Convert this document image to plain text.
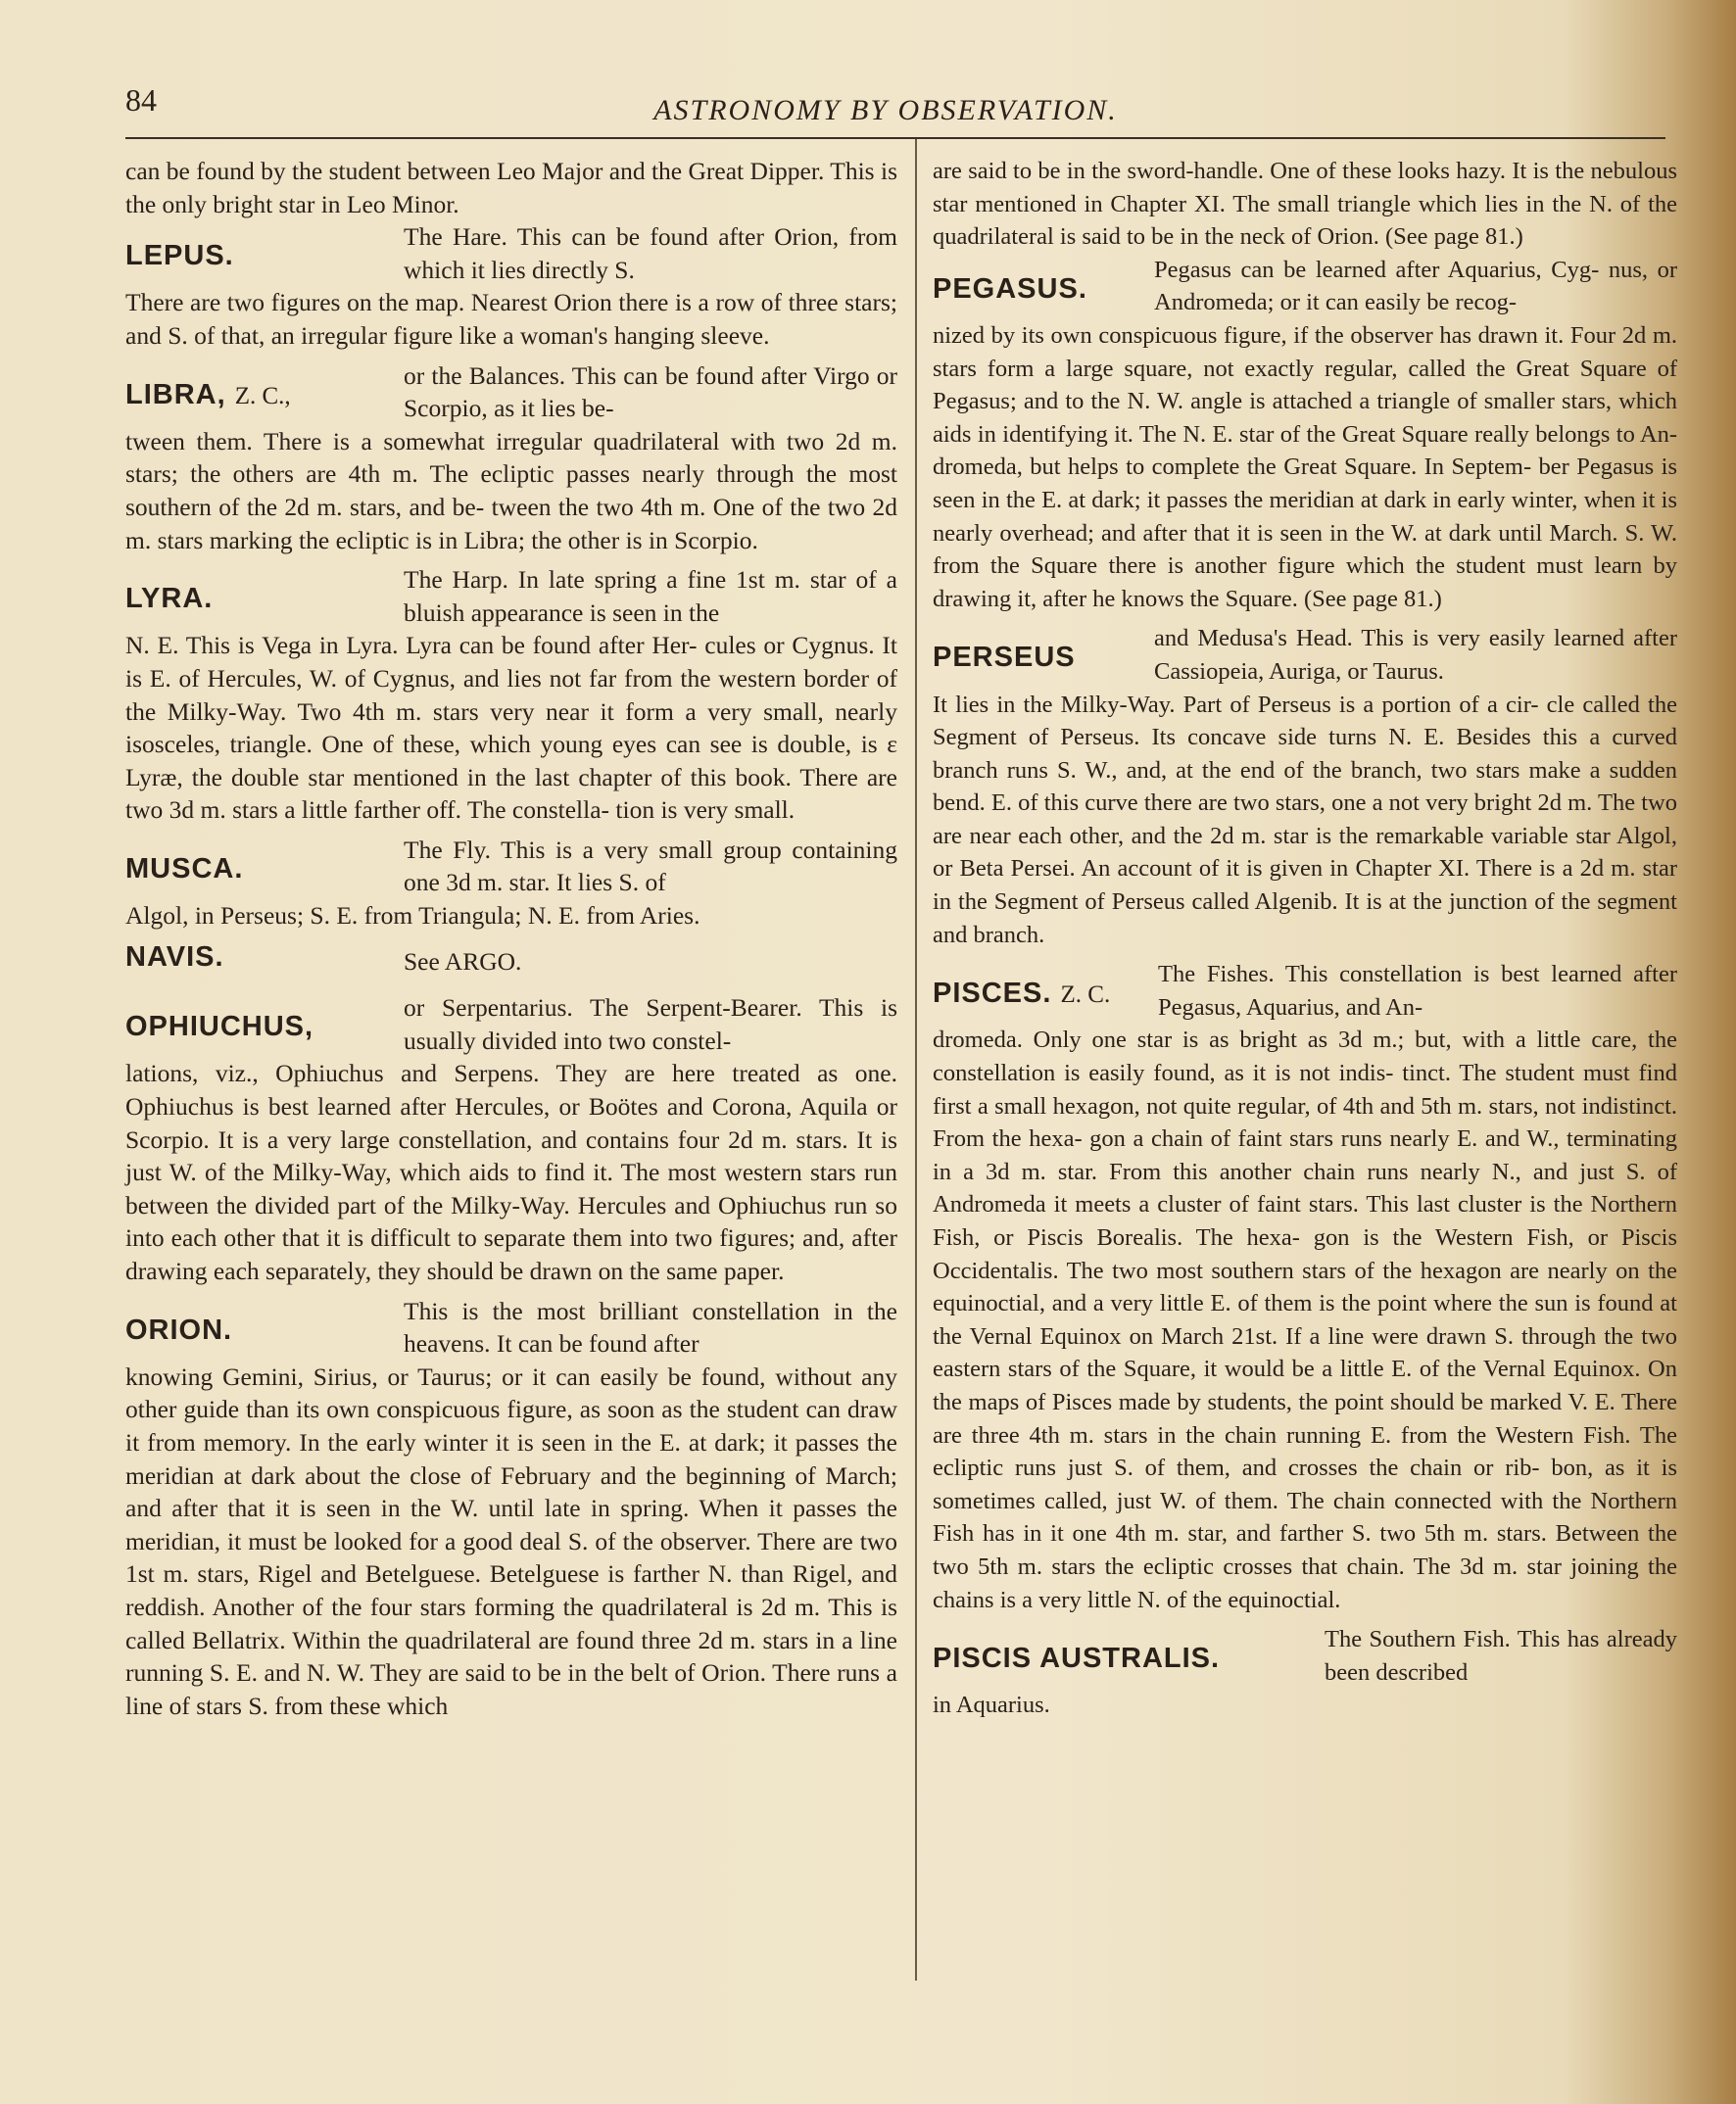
84	ASTRONOMY BY OBSERVATION.

can be found by the student between Leo Major and the Great Dipper. This is the only bright star in Leo Minor.

LEPUS.
The Hare. This can be found after Orion, from which it lies directly S.

There are two figures on the map. Nearest Orion there is a row of three stars; and S. of that, an irregular figure like a woman's hanging sleeve.

LIBRA, Z. C.,
or the Balances. This can be found after Virgo or Scorpio, as it lies be-

tween them. There is a somewhat irregular quadrilateral with two 2d m. stars; the others are 4th m. The ecliptic passes nearly through the most southern of the 2d m. stars, and be- tween the two 4th m. One of the two 2d m. stars marking the ecliptic is in Libra; the other is in Scorpio.

LYRA.
The Harp. In late spring a fine 1st m. star of a bluish appearance is seen in the

N. E. This is Vega in Lyra. Lyra can be found after Her- cules or Cygnus. It is E. of Hercules, W. of Cygnus, and lies not far from the western border of the Milky-Way. Two 4th m. stars very near it form a very small, nearly isosceles, triangle. One of these, which young eyes can see is double, is ε Lyræ, the double star mentioned in the last chapter of this book. There are two 3d m. stars a little farther off. The constella- tion is very small.

MUSCA.
The Fly. This is a very small group containing one 3d m. star. It lies S. of

Algol, in Perseus; S. E. from Triangula; N. E. from Aries.

NAVIS.	See ARGO.
OPHIUCHUS,
or Serpentarius. The Serpent-Bearer. This is usually divided into two constel-

lations, viz., Ophiuchus and Serpens. They are here treated as one. Ophiuchus is best learned after Hercules, or Boötes and Corona, Aquila or Scorpio. It is a very large constellation, and contains four 2d m. stars. It is just W. of the Milky-Way, which aids to find it. The most western stars run between the divided part of the Milky-Way. Hercules and Ophiuchus run so into each other that it is difficult to separate them into two figures; and, after drawing each separately, they should be drawn on the same paper.

ORION.
This is the most brilliant constellation in the heavens. It can be found after

knowing Gemini, Sirius, or Taurus; or it can easily be found, without any other guide than its own conspicuous figure, as soon as the student can draw it from memory. In the early winter it is seen in the E. at dark; it passes the meridian at dark about the close of February and the beginning of March; and after that it is seen in the W. until late in spring. When it passes the meridian, it must be looked for a good deal S. of the observer. There are two 1st m. stars, Rigel and Betelguese. Betelguese is farther N. than Rigel, and reddish. Another of the four stars forming the quadrilateral is 2d m. This is called Bellatrix. Within the quadrilateral are found three 2d m. stars in a line running S. E. and N. W. They are said to be in the belt of Orion. There runs a line of stars S. from these which

are said to be in the sword-handle. One of these looks hazy. It is the nebulous star mentioned in Chapter XI. The small triangle which lies in the N. of the quadrilateral is said to be in the neck of Orion. (See page 81.)

PEGASUS.
Pegasus can be learned after Aquarius, Cyg- nus, or Andromeda; or it can easily be recog-

nized by its own conspicuous figure, if the observer has drawn it. Four 2d m. stars form a large square, not exactly regular, called the Great Square of Pegasus; and to the N. W. angle is attached a triangle of smaller stars, which aids in identifying it. The N. E. star of the Great Square really belongs to An- dromeda, but helps to complete the Great Square. In Septem- ber Pegasus is seen in the E. at dark; it passes the meridian at dark in early winter, when it is nearly overhead; and after that it is seen in the W. at dark until March. S. W. from the Square there is another figure which the student must learn by drawing it, after he knows the Square. (See page 81.)

PERSEUS
and Medusa's Head. This is very easily learned after Cassiopeia, Auriga, or Taurus.

It lies in the Milky-Way. Part of Perseus is a portion of a cir- cle called the Segment of Perseus. Its concave side turns N. E. Besides this a curved branch runs S. W., and, at the end of the branch, two stars make a sudden bend. E. of this curve there are two stars, one a not very bright 2d m. The two are near each other, and the 2d m. star is the remarkable variable star Algol, or Beta Persei. An account of it is given in Chapter XI. There is a 2d m. star in the Segment of Perseus called Algenib. It is at the junction of the segment and branch.

PISCES. Z. C.
The Fishes. This constellation is best learned after Pegasus, Aquarius, and An-

dromeda. Only one star is as bright as 3d m.; but, with a little care, the constellation is easily found, as it is not indis- tinct. The student must find first a small hexagon, not quite regular, of 4th and 5th m. stars, not indistinct. From the hexa- gon a chain of faint stars runs nearly E. and W., terminating in a 3d m. star. From this another chain runs nearly N., and just S. of Andromeda it meets a cluster of faint stars. This last cluster is the Northern Fish, or Piscis Borealis. The hexa- gon is the Western Fish, or Piscis Occidentalis. The two most southern stars of the hexagon are nearly on the equinoctial, and a very little E. of them is the point where the sun is found at the Vernal Equinox on March 21st. If a line were drawn S. through the two eastern stars of the Square, it would be a little E. of the Vernal Equinox. On the maps of Pisces made by students, the point should be marked V. E. There are three 4th m. stars in the chain running E. from the Western Fish. The ecliptic runs just S. of them, and crosses the chain or rib- bon, as it is sometimes called, just W. of them. The chain connected with the Northern Fish has in it one 4th m. star, and farther S. two 5th m. stars. Between the two 5th m. stars the ecliptic crosses that chain. The 3d m. star joining the chains is a very little N. of the equinoctial.

PISCIS AUSTRALIS.
The Southern Fish. This has already been described

in Aquarius.
